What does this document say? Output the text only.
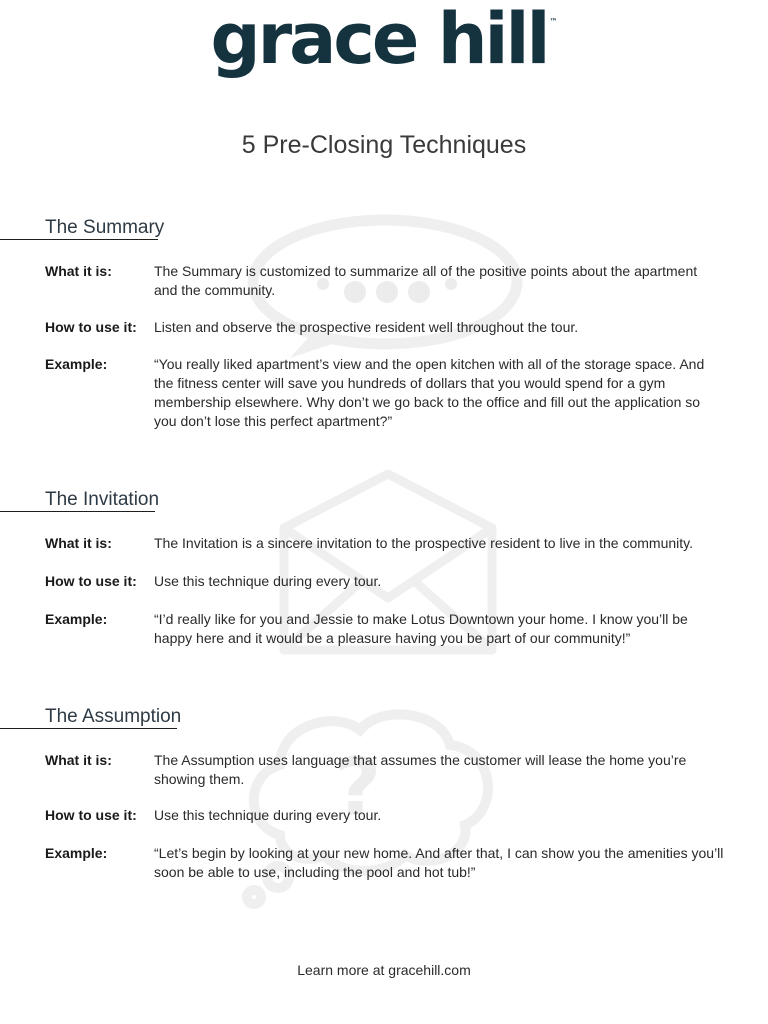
grace hill ™
5 Pre-Closing Techniques
?
The Summary
What it is:	The Summary is customized to summarize all of the positive points about the apartment and the community.
How to use it: Listen and observe the prospective resident well throughout the tour.
Example:	“You really liked apartment’s view and the open kitchen with all of the storage space. And the fitness center will save you hundreds of dollars that you would spend for a gym membership elsewhere. Why don’t we go back to the office and fill out the application so you don’t lose this perfect apartment?”
The Invitation
What it is:	The Invitation is a sincere invitation to the prospective resident to live in the community.
How to use it: Use this technique during every tour.
Example:	“I’d really like for you and Jessie to make Lotus Downtown your home. I know you’ll be happy here and it would be a pleasure having you be part of our community!”
The Assumption
What it is:	The Assumption uses language that assumes the customer will lease the home you’re showing them.
How to use it: Use this technique during every tour.
Example:	“Let’s begin by looking at your new home. And after that, I can show you the amenities you’ll soon be able to use, including the pool and hot tub!”
Learn more at gracehill.com
